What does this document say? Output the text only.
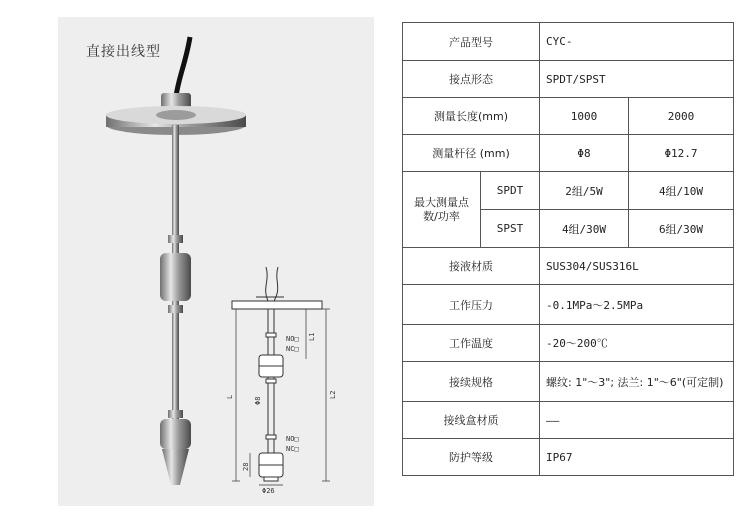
直接出线型
L	L2
L1
NO□
NC□
NO□
NC□
Φ8
28
Φ26
产品型号		CYC-	
接点形态		SPDT/SPST	
测量长度(mm)		1000	2000
测量杆径 (mm)		Φ8	Φ12.7
最大测量点数/功率	SPDT	2组/5W	4组/10W
	SPST	4组/30W	6组/30W
接液材质		SUS304/SUS316L	
工作压力		-0.1MPa～2.5MPa	
工作温度		-20～200℃	
接续规格		螺纹: 1"～3"; 法兰: 1"～6"(可定制)	
接线盒材质		——	
防护等级		IP67	
